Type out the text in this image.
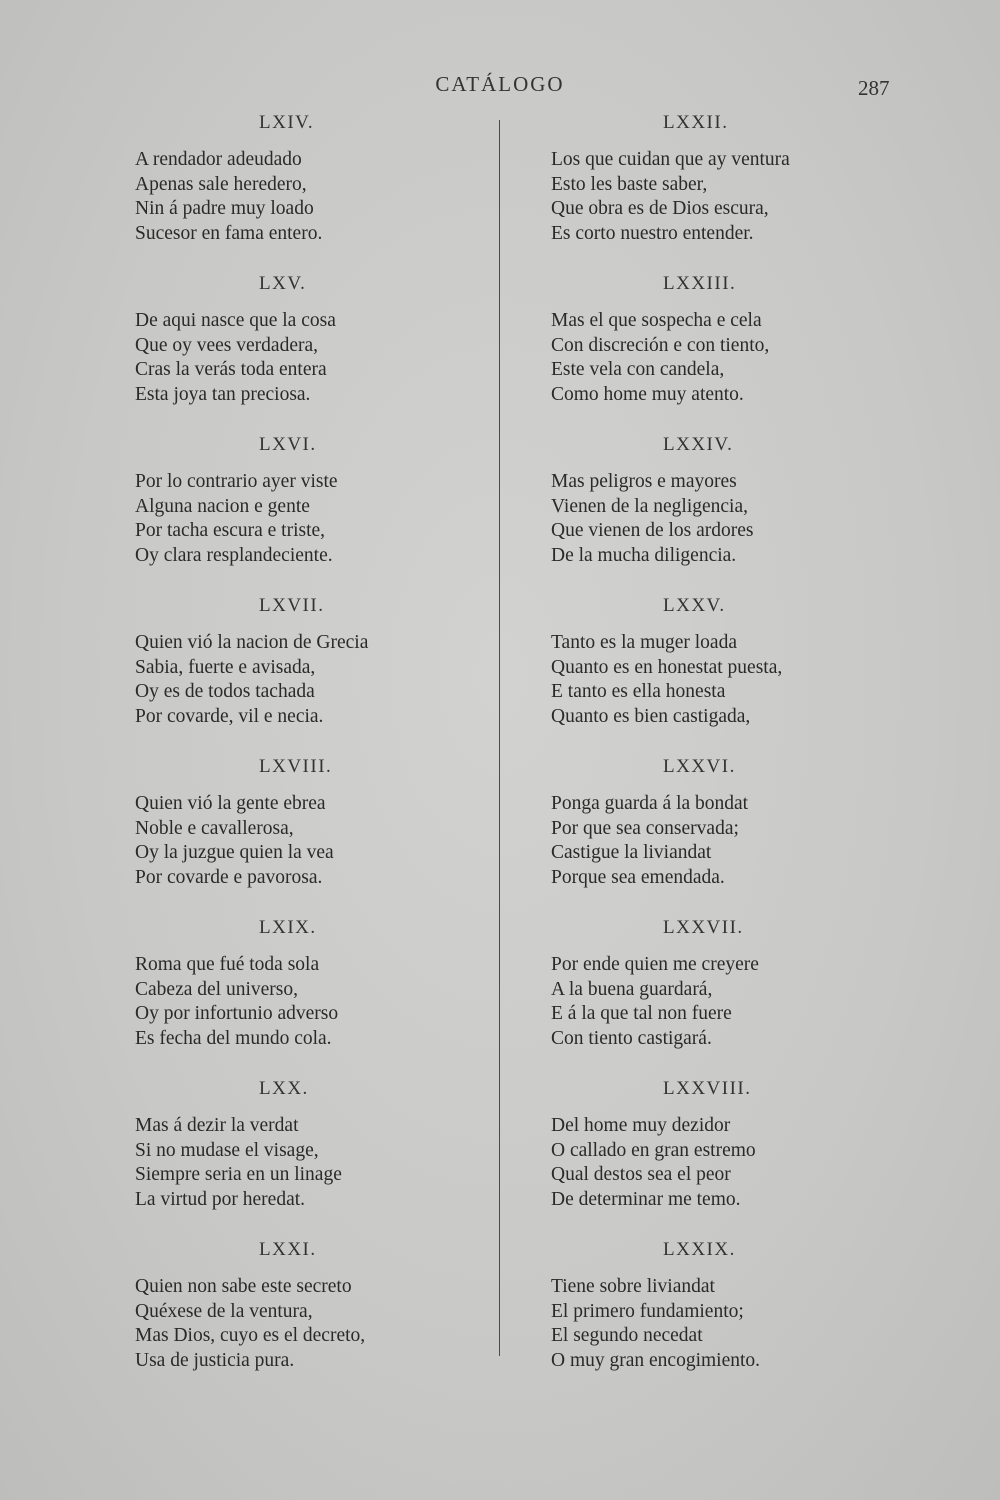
CATÁLOGO	287
LXIV.
A rendador adeudado
Apenas sale heredero,
Nin á padre muy loado
Sucesor en fama entero.
LXV.
De aqui nasce que la cosa
Que oy vees verdadera,
Cras la verás toda entera
Esta joya tan preciosa.
LXVI.
Por lo contrario ayer viste
Alguna nacion e gente
Por tacha escura e triste,
Oy clara resplandeciente.
LXVII.
Quien vió la nacion de Grecia
Sabia, fuerte e avisada,
Oy es de todos tachada
Por covarde, vil e necia.
LXVIII.
Quien vió la gente ebrea
Noble e cavallerosa,
Oy la juzgue quien la vea
Por covarde e pavorosa.
LXIX.
Roma que fué toda sola
Cabeza del universo,
Oy por infortunio adverso
Es fecha del mundo cola.
LXX.
Mas á dezir la verdat
Si no mudase el visage,
Siempre seria en un linage
La virtud por heredat.
LXXI.
Quien non sabe este secreto
Quéxese de la ventura,
Mas Dios, cuyo es el decreto,
Usa de justicia pura.
LXXII.
Los que cuidan que ay ventura
Esto les baste saber,
Que obra es de Dios escura,
Es corto nuestro entender.
LXXIII.
Mas el que sospecha e cela
Con discreción e con tiento,
Este vela con candela,
Como home muy atento.
LXXIV.
Mas peligros e mayores
Vienen de la negligencia,
Que vienen de los ardores
De la mucha diligencia.
LXXV.
Tanto es la muger loada
Quanto es en honestat puesta,
E tanto es ella honesta
Quanto es bien castigada,
LXXVI.
Ponga guarda á la bondat
Por que sea conservada;
Castigue la liviandat
Porque sea emendada.
LXXVII.
Por ende quien me creyere
A la buena guardará,
E á la que tal non fuere
Con tiento castigará.
LXXVIII.
Del home muy dezidor
O callado en gran estremo
Qual destos sea el peor
De determinar me temo.
LXXIX.
Tiene sobre liviandat
El primero fundamiento;
El segundo necedat
O muy gran encogimiento.
